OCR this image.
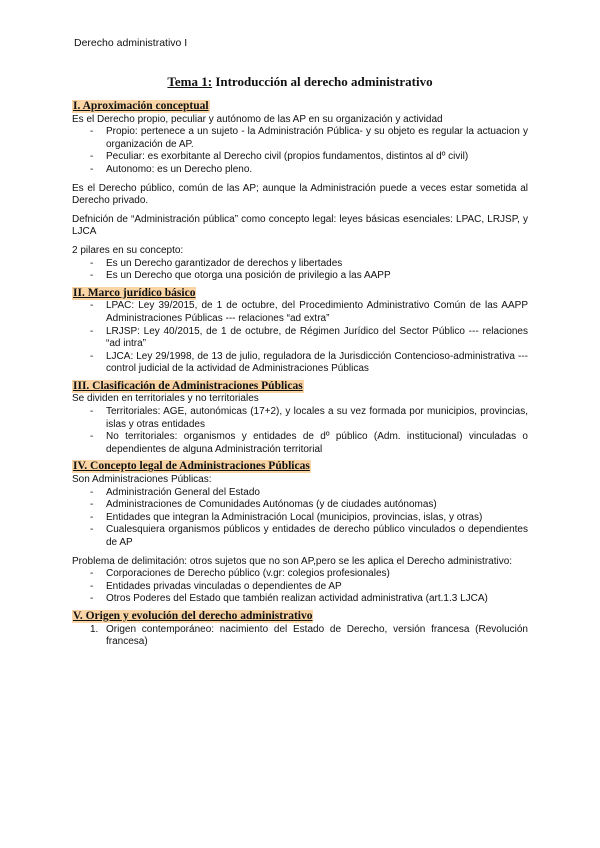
Derecho administrativo I
Tema 1: Introducción al derecho administrativo
I. Aproximación conceptual

Es el Derecho propio, peculiar y autónomo de las AP en su organización y actividad

- Propio: pertenece a un sujeto - la Administración Pública- y su objeto es regular la actuacion y organización de AP.
- Peculiar: es exorbitante al Derecho civil (propios fundamentos, distintos al dº civil)
- Autonomo: es un Derecho pleno.

Es el Derecho público, común de las AP; aunque la Administración puede a veces estar sometida al Derecho privado.

Defnición de “Administración pública” como concepto legal: leyes básicas esenciales: LPAC, LRJSP, y LJCA

2 pilares en su concepto:

- Es un Derecho garantizador de derechos y libertades
- Es un Derecho que otorga una posición de privilegio a las AAPP
II. Marco jurídico básico
- LPAC: Ley 39/2015, de 1 de octubre, del Procedimiento Administrativo Común de las AAPP Administraciones Públicas --- relaciones “ad extra”
- LRJSP: Ley 40/2015, de 1 de octubre, de Régimen Jurídico del Sector Público --- relaciones “ad intra”
- LJCA: Ley 29/1998, de 13 de julio, reguladora de la Jurisdicción Contencioso-administrativa --- control judicial de la actividad de Administraciones Públicas
III. Clasificación de Administraciones Públicas

Se dividen en territoriales y no territoriales

- Territoriales: AGE, autonómicas (17+2), y locales a su vez formada por municipios, provincias, islas y otras entidades
- No territoriales: organismos y entidades de dº público (Adm. institucional) vinculadas o dependientes de alguna Administración territorial
IV. Concepto legal de Administraciones Públicas

Son Administraciones Públicas:

- Administración General del Estado
- Administraciones de Comunidades Autónomas (y de ciudades autónomas)
- Entidades que integran la Administración Local (municipios, provincias, islas, y otras)
- Cualesquiera organismos públicos y entidades de derecho público vinculados o dependientes de AP

Problema de delimitación: otros sujetos que no son AP,pero se les aplica el Derecho administrativo:

- Corporaciones de Derecho público (v.gr: colegios profesionales)
- Entidades privadas vinculadas o dependientes de AP
- Otros Poderes del Estado que también realizan actividad administrativa (art.1.3 LJCA)
V. Origen y evolución del derecho administrativo
1. Origen contemporáneo: nacimiento del Estado de Derecho, versión francesa (Revolución francesa)
